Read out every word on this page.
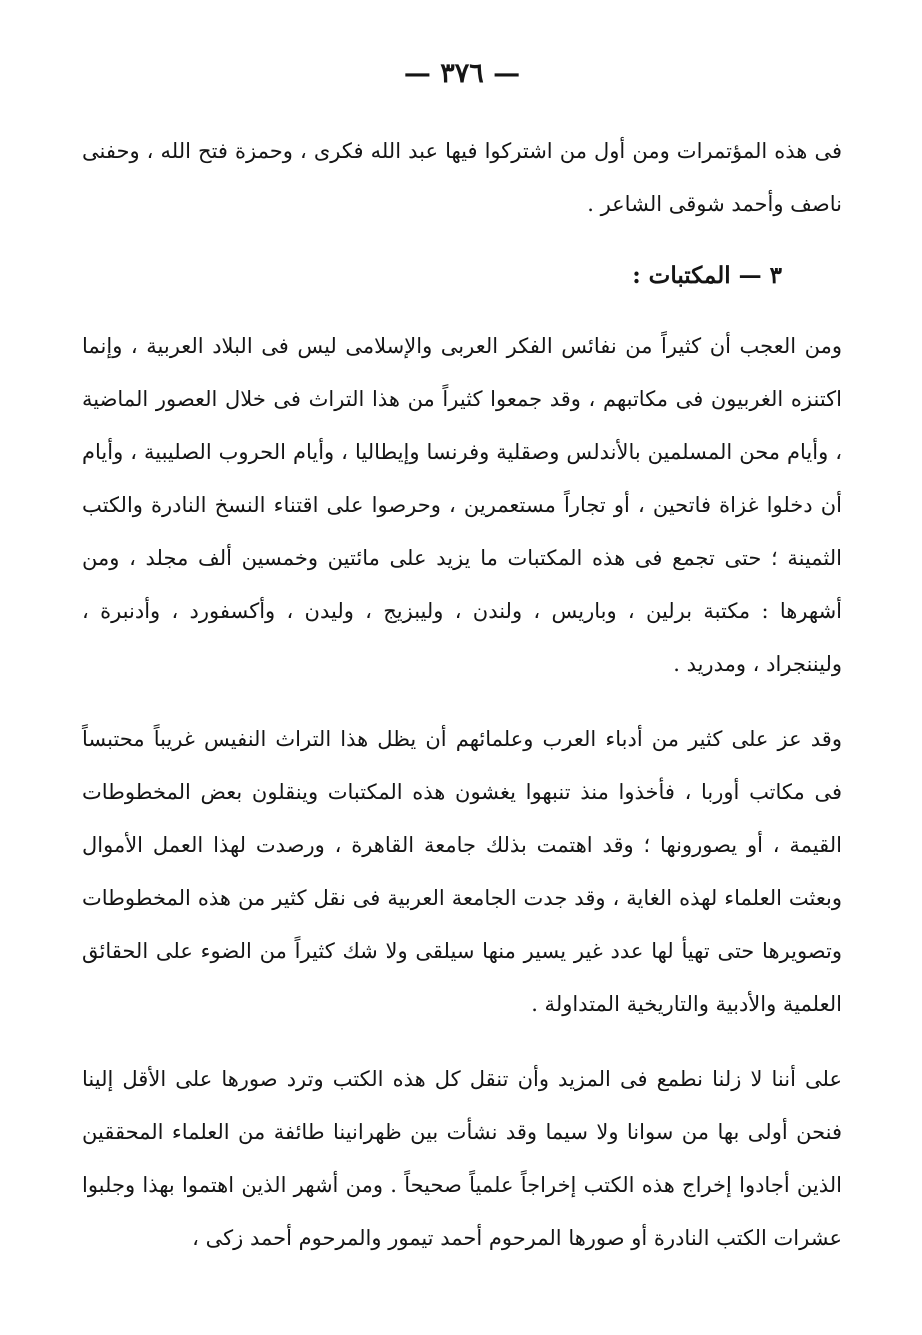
— ٣٧٦ —

فى هذه المؤتمرات ومن أول من اشتركوا فيها عبد الله فكرى ، وحمزة فتح الله ، وحفنى ناصف وأحمد شوقى الشاعر .

٣ — المكتبات :

ومن العجب أن كثيراً من نفائس الفكر العربى والإسلامى ليس فى البلاد العربية ، وإنما اكتنزه الغربيون فى مكاتبهم ، وقد جمعوا كثيراً من هذا التراث فى خلال العصور الماضية ، وأيام محن المسلمين بالأندلس وصقلية وفرنسا وإيطاليا ، وأيام الحروب الصليبية ، وأيام أن دخلوا غزاة فاتحين ، أو تجاراً مستعمرين ، وحرصوا على اقتناء النسخ النادرة والكتب الثمينة ؛ حتى تجمع فى هذه المكتبات ما يزيد على مائتين وخمسين ألف مجلد ، ومن أشهرها : مكتبة برلين ، وباريس ، ولندن ، وليبزيج ، وليدن ، وأكسفورد ، وأدنبرة ، وليننجراد ، ومدريد .

وقد عز على كثير من أدباء العرب وعلمائهم أن يظل هذا التراث النفيس غريباً محتبساً فى مكاتب أوربا ، فأخذوا منذ تنبهوا يغشون هذه المكتبات وينقلون بعض المخطوطات القيمة ، أو يصورونها ؛ وقد اهتمت بذلك جامعة القاهرة ، ورصدت لهذا العمل الأموال وبعثت العلماء لهذه الغاية ، وقد جدت الجامعة العربية فى نقل كثير من هذه المخطوطات وتصويرها حتى تهيأ لها عدد غير يسير منها سيلقى ولا شك كثيراً من الضوء على الحقائق العلمية والأدبية والتاريخية المتداولة .

على أننا لا زلنا نطمع فى المزيد وأن تنقل كل هذه الكتب وترد صورها على الأقل إلينا فنحن أولى بها من سوانا ولا سيما وقد نشأت بين ظهرانينا طائفة من العلماء المحققين الذين أجادوا إخراج هذه الكتب إخراجاً علمياً صحيحاً . ومن أشهر الذين اهتموا بهذا وجلبوا عشرات الكتب النادرة أو صورها المرحوم أحمد تيمور والمرحوم أحمد زكى ،
